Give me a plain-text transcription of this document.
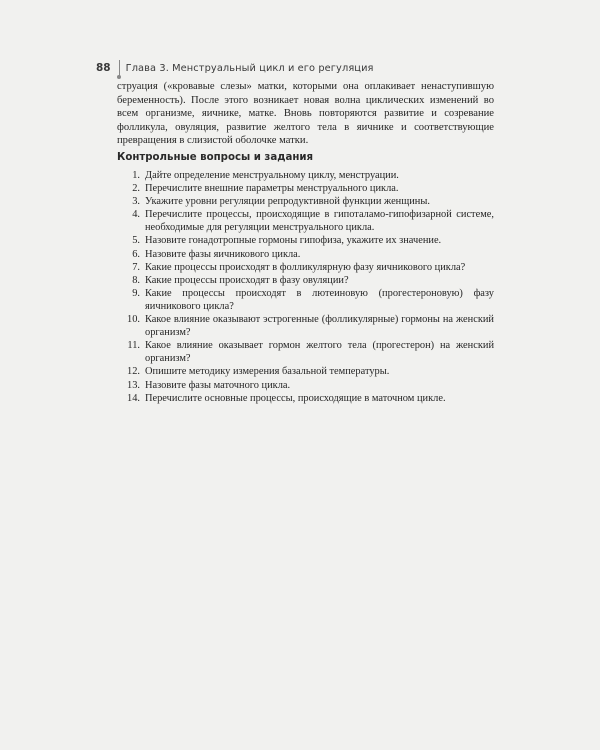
88 Глава 3. Менструальный цикл и его регуляция

струация («кровавые слезы» матки, которыми она оплакивает ненаступившую беременность). После этого возникает новая волна циклических изменений во всем организме, яичнике, матке. Вновь повторяются развитие и созревание фолликула, овуляция, развитие желтого тела в яичнике и соответствующие превращения в слизистой оболочке матки.

Контрольные вопросы и задания
1. Дайте определение менструальному циклу, менструации.
2. Перечислите внешние параметры менструального цикла.
3. Укажите уровни регуляции репродуктивной функции женщины.
4. Перечислите процессы, происходящие в гипоталамо-гипофизарной системе, необходимые для регуляции менструального цикла.
5. Назовите гонадотропные гормоны гипофиза, укажите их значение.
6. Назовите фазы яичникового цикла.
7. Какие процессы происходят в фолликулярную фазу яичникового цикла?
8. Какие процессы происходят в фазу овуляции?
9. Какие процессы происходят в лютеиновую (прогестероновую) фазу яичникового цикла?
10. Какое влияние оказывают эстрогенные (фолликулярные) гормоны на женский организм?
11. Какое влияние оказывает гормон желтого тела (прогестерон) на женский организм?
12. Опишите методику измерения базальной температуры.
13. Назовите фазы маточного цикла.
14. Перечислите основные процессы, происходящие в маточном цикле.
